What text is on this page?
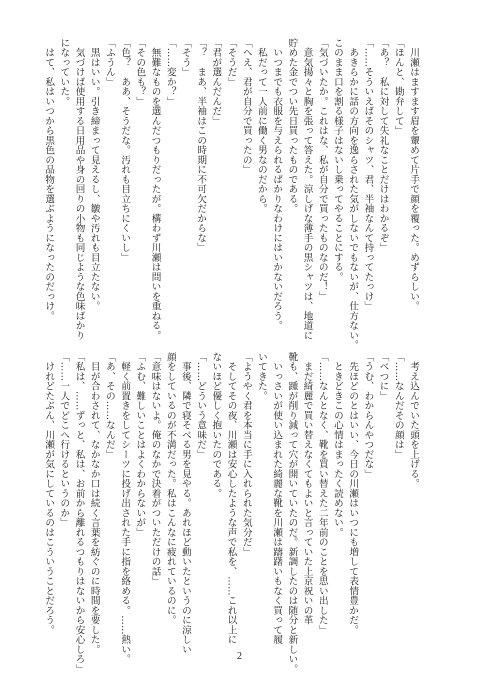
　川瀬はますます眉を顰めて片手で顔を覆った。めずらしい。
「ほんと、勘弁して」
「あ？　私に対して失礼なことだけはわかるぞ」
「……そういえばそのシャツ、君、半袖なんて持ってたっけ」
　あきらかに話の方向を逸らされた気がしないでもないが、仕方ない。
このまま口を割る様子はないし乗ってやることにする。
「気づいたか。これはな、私が自分で買ったものなのだ！」
　意気揚々と胸を張って答えた。涼しげな薄手の黒シャツは、地道に
貯めた金でつい先日買ったものである。
　いつまでも衣服を与えられるばかりなわけにはいかないだろう。
　私だって一人前に働く男なのだから。
「へえ、君が自分で買ったの」
「そうだ」
「君が選んだんだ」
「？　まあ、半袖はこの時期に不可欠だからな」
「そう」
「……変か？」
　無難なものを選んだつもりだったが。構わず川瀬は問いを重ねる。
「その色も？」
「色？　ああ、そうだな。汚れも目立ちにくいし」
「ふうん」
　黒はいい。引き締まって見えるし、皺や汚れも目立たない。
　気づけば使用する日用品や身の回りの小物も同じような色味ばかり
になっていた。
　はて、私はいつから黒色の品物を選ぶようになったのだっけ。
　考え込んでいた頭を上げる。
「……なんだその顔は」
「べつに」
「うむ、わからんやつだな」
　先ほどのとはいい、今日の川瀬はいつにも増して表情豊かだ。
　ときどきこの心情はまったく読めない。
「……なんとなく、靴を買い替えた二年前のことを思い出した」
　まだ綺麗で買い替えなくてもよいと言っていた上京祝いの革
靴も、踵が削り減って穴が開いていたのだ。新調したのは随分と新しい。
　いっさいが使い込まれた綺麗な靴を川瀬は躊躇いもなく買って履
いてきた。
「ようやく君を本当に手に入れられた気分だ」
　そしてその夜、川瀬は安心したような声で私を、……これ以上に
ないほど優しく抱いたのである。
「……どういう意味だ」
　事後、隣で寝そべる男を見やる。あれほど動いたというのに涼しい
顔をしているのが不満だった。私はこんなに疲れているのに。
「意味はないよ。俺のなかで決着がついただけの話」
「ふむ、難しいことはよくわからないが」
　軽く前置きをしてシーツに投げ出された手に指を絡める。……熱い。
「あ、その……なんだ」
　目が合わされて、なかなか口は続く言葉を紡ぐのに時間を要した。
「私は、……ずっと、私は、お前から離れるつもりはないから安心しろ」
「……一人でどこへ行けるというのか」
　けれどたぶん、川瀬が気にしているのはこういうことだろう。
2
